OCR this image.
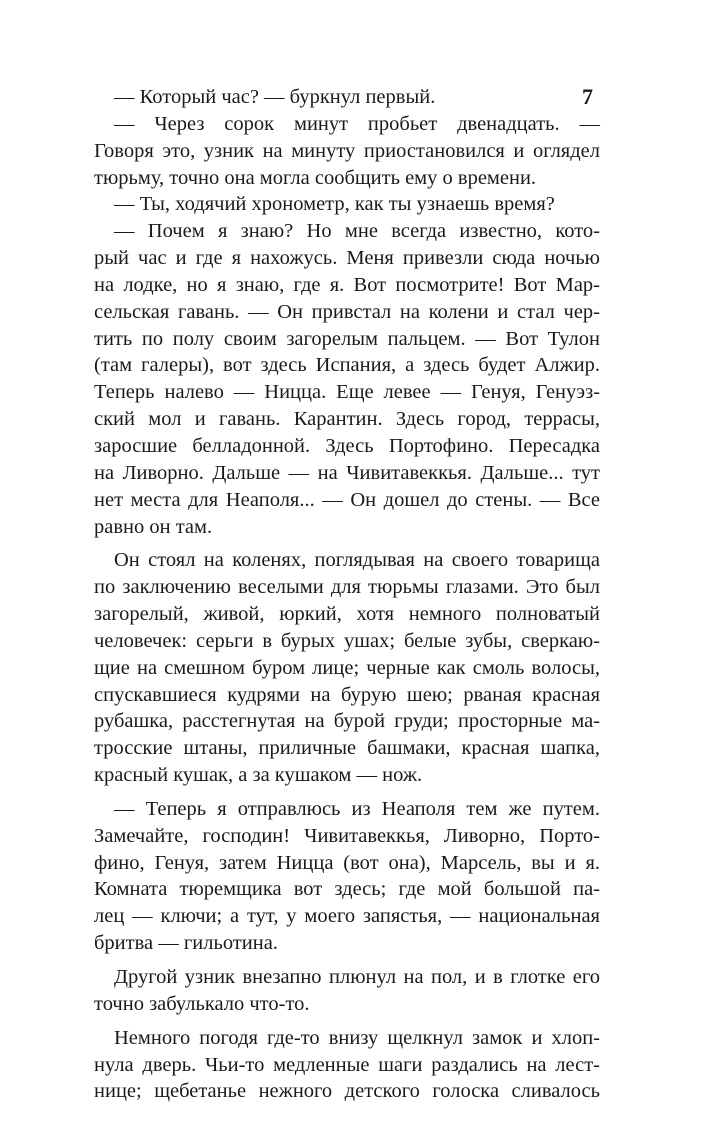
7
— Который час? — буркнул первый.
— Через сорок минут пробьет двенадцать. —
Говоря это, узник на минуту приостановился и оглядел
тюрьму, точно она могла сообщить ему о времени.
— Ты, ходячий хронометр, как ты узнаешь время?
— Почем я знаю? Но мне всегда известно, кото-
рый час и где я нахожусь. Меня привезли сюда ночью
на лодке, но я знаю, где я. Вот посмотрите! Вот Мар-
сельская гавань. — Он привстал на колени и стал чер-
тить по полу своим загорелым пальцем. — Вот Тулон
(там галеры), вот здесь Испания, а здесь будет Алжир.
Теперь налево — Ницца. Еще левее — Генуя, Генуэз-
ский мол и гавань. Карантин. Здесь город, террасы,
заросшие белладонной. Здесь Портофино. Пересадка
на Ливорно. Дальше — на Чивитавеккья. Дальше... тут
нет места для Неаполя... — Он дошел до стены. — Все
равно он там.
Он стоял на коленях, поглядывая на своего товарища
по заключению веселыми для тюрьмы глазами. Это был
загорелый, живой, юркий, хотя немного полноватый
человечек: серьги в бурых ушах; белые зубы, сверкаю-
щие на смешном буром лице; черные как смоль волосы,
спускавшиеся кудрями на бурую шею; рваная красная
рубашка, расстегнутая на бурой груди; просторные ма-
тросские штаны, приличные башмаки, красная шапка,
красный кушак, а за кушаком — нож.
— Теперь я отправлюсь из Неаполя тем же путем.
Замечайте, господин! Чивитавеккья, Ливорно, Порто-
фино, Генуя, затем Ницца (вот она), Марсель, вы и я.
Комната тюремщика вот здесь; где мой большой па-
лец — ключи; а тут, у моего запястья, — национальная
бритва — гильотина.
Другой узник внезапно плюнул на пол, и в глотке его
точно забулькало что-то.
Немного погодя где-то внизу щелкнул замок и хлоп-
нула дверь. Чьи-то медленные шаги раздались на лест-
нице; щебетанье нежного детского голоска сливалось
